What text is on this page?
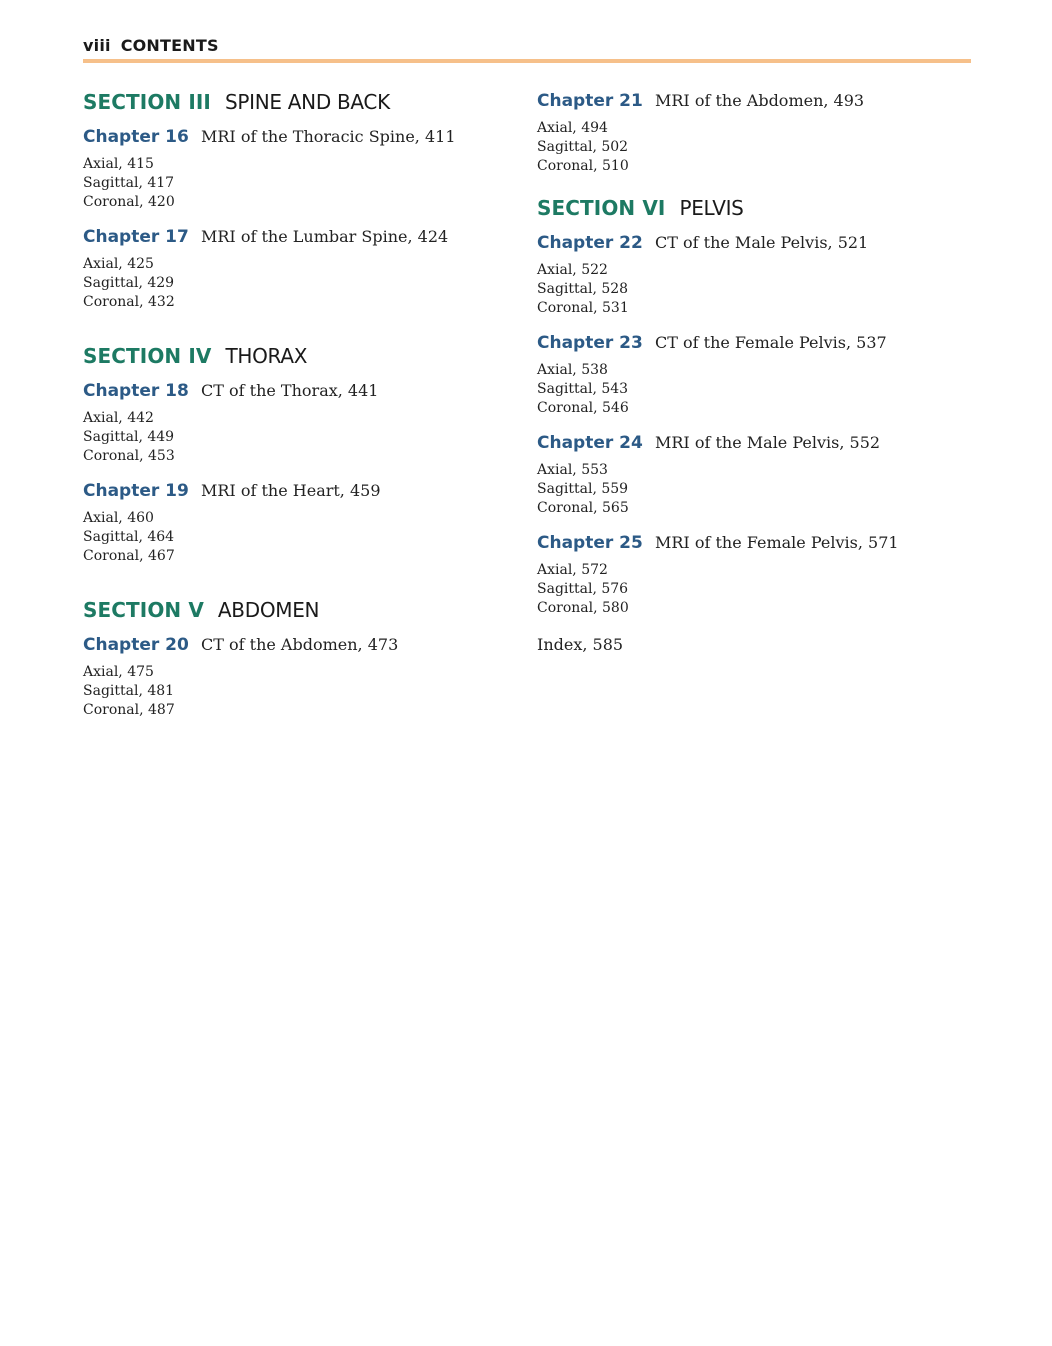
viii CONTENTS
SECTION III SPINE AND BACK
Chapter 16 MRI of the Thoracic Spine, 411
Axial, 415
Sagittal, 417
Coronal, 420
Chapter 17 MRI of the Lumbar Spine, 424
Axial, 425
Sagittal, 429
Coronal, 432
SECTION IV THORAX
Chapter 18 CT of the Thorax, 441
Axial, 442
Sagittal, 449
Coronal, 453
Chapter 19 MRI of the Heart, 459
Axial, 460
Sagittal, 464
Coronal, 467
SECTION V ABDOMEN
Chapter 20 CT of the Abdomen, 473
Axial, 475
Sagittal, 481
Coronal, 487
Chapter 21 MRI of the Abdomen, 493
Axial, 494
Sagittal, 502
Coronal, 510
SECTION VI PELVIS
Chapter 22 CT of the Male Pelvis, 521
Axial, 522
Sagittal, 528
Coronal, 531
Chapter 23 CT of the Female Pelvis, 537
Axial, 538
Sagittal, 543
Coronal, 546
Chapter 24 MRI of the Male Pelvis, 552
Axial, 553
Sagittal, 559
Coronal, 565
Chapter 25 MRI of the Female Pelvis, 571
Axial, 572
Sagittal, 576
Coronal, 580
Index, 585
